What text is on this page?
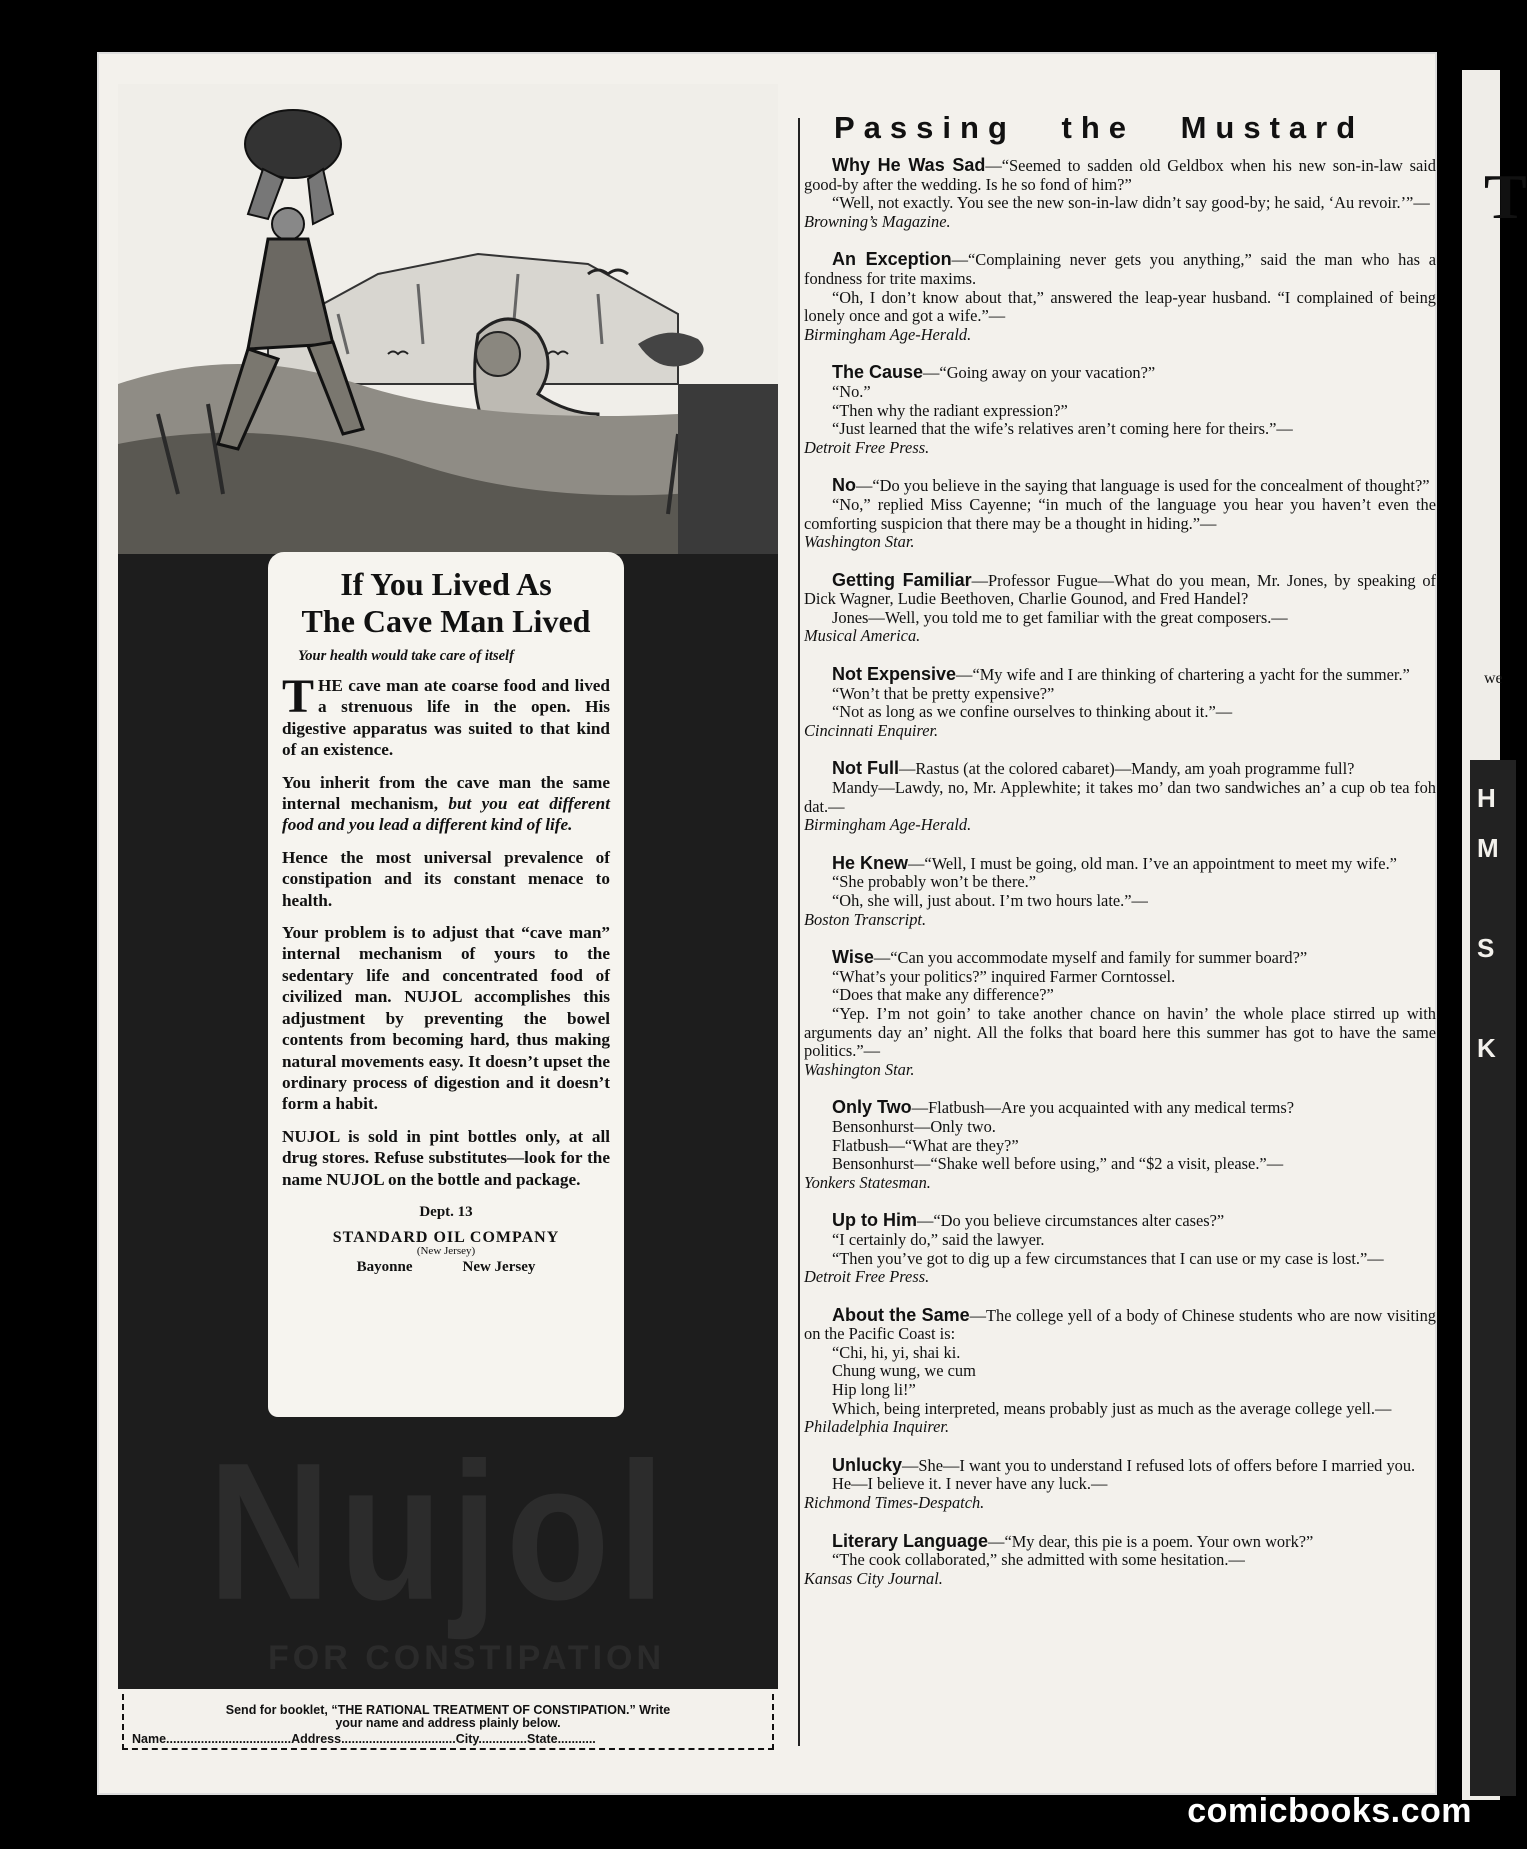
T
we
H
M
S
K
Nujol
FOR CONSTIPATION
If You Lived As
The Cave Man Lived
Your health would take care of itself

THE cave man ate coarse food and lived a strenuous life in the open. His digestive apparatus was suited to that kind of an existence.

You inherit from the cave man the same internal mechanism, but you eat different food and you lead a different kind of life.

Hence the most universal prevalence of constipation and its constant menace to health.

Your problem is to adjust that “cave man” internal mechanism of yours to the sedentary life and concentrated food of civilized man. NUJOL accomplishes this adjustment by preventing the bowel contents from becoming hard, thus making natural movements easy. It doesn’t upset the ordinary process of digestion and it doesn’t form a habit.

NUJOL is sold in pint bottles only, at all drug stores. Refuse substitutes—look for the name NUJOL on the bottle and package.

Dept. 13
STANDARD OIL COMPANY
(New Jersey)
Bayonne	New Jersey
Send for booklet, “THE RATIONAL TREATMENT OF CONSTIPATION.” Write
your name and address plainly below.
Name....................................Address.................................City..............State...........
Passing the Mustard
Why He Was Sad—“Seemed to sadden old Geldbox when his new son-in-law said good-by after the wedding. Is he so fond of him?”
“Well, not exactly. You see the new son-in-law didn’t say good-by; he said, ‘Au revoir.’”—
Browning’s Magazine.
An Exception—“Complaining never gets you anything,” said the man who has a fondness for trite maxims.
“Oh, I don’t know about that,” answered the leap-year husband. “I complained of being lonely once and got a wife.”—
Birmingham Age-Herald.
The Cause—“Going away on your vacation?”
“No.”
“Then why the radiant expression?”
“Just learned that the wife’s relatives aren’t coming here for theirs.”—
Detroit Free Press.
No—“Do you believe in the saying that language is used for the concealment of thought?”
“No,” replied Miss Cayenne; “in much of the language you hear you haven’t even the comforting suspicion that there may be a thought in hiding.”—
Washington Star.
Getting Familiar—Professor Fugue—What do you mean, Mr. Jones, by speaking of Dick Wagner, Ludie Beethoven, Charlie Gounod, and Fred Handel?
Jones—Well, you told me to get familiar with the great composers.—
Musical America.
Not Expensive—“My wife and I are thinking of chartering a yacht for the summer.”
“Won’t that be pretty expensive?”
“Not as long as we confine ourselves to thinking about it.”—
Cincinnati Enquirer.
Not Full—Rastus (at the colored cabaret)—Mandy, am yoah programme full?
Mandy—Lawdy, no, Mr. Applewhite; it takes mo’ dan two sandwiches an’ a cup ob tea foh dat.—
Birmingham Age-Herald.
He Knew—“Well, I must be going, old man. I’ve an appointment to meet my wife.”
“She probably won’t be there.”
“Oh, she will, just about. I’m two hours late.”—
Boston Transcript.
Wise—“Can you accommodate myself and family for summer board?”
“What’s your politics?” inquired Farmer Corntossel.
“Does that make any difference?”
“Yep. I’m not goin’ to take another chance on havin’ the whole place stirred up with arguments day an’ night. All the folks that board here this summer has got to have the same politics.”—
Washington Star.
Only Two—Flatbush—Are you acquainted with any medical terms?
Bensonhurst—Only two.
Flatbush—“What are they?”
Bensonhurst—“Shake well before using,” and “$2 a visit, please.”—
Yonkers Statesman.
Up to Him—“Do you believe circumstances alter cases?”
“I certainly do,” said the lawyer.
“Then you’ve got to dig up a few circumstances that I can use or my case is lost.”—
Detroit Free Press.
About the Same—The college yell of a body of Chinese students who are now visiting on the Pacific Coast is:
“Chi, hi, yi, shai ki.
Chung wung, we cum
Hip long li!”
Which, being interpreted, means probably just as much as the average college yell.—
Philadelphia Inquirer.
Unlucky—She—I want you to understand I refused lots of offers before I married you.
He—I believe it. I never have any luck.—
Richmond Times-Despatch.
Literary Language—“My dear, this pie is a poem. Your own work?”
“The cook collaborated,” she admitted with some hesitation.—
Kansas City Journal.
comicbooks.com
